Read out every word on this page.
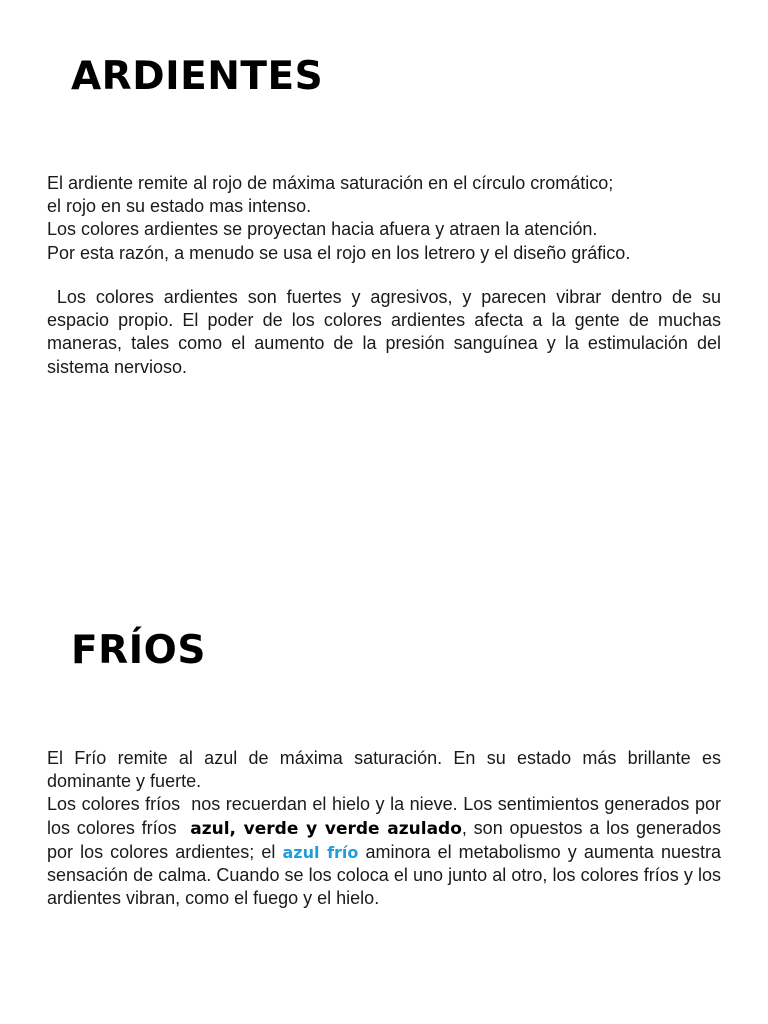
ARDIENTES

El ardiente remite al rojo de máxima saturación en el círculo cromático;

el rojo en su estado mas intenso.

Los colores ardientes se proyectan hacia afuera y atraen la atención.

Por esta razón, a menudo se usa el rojo en los letrero y el diseño gráfico.

Los colores ardientes son fuertes y agresivos, y parecen vibrar dentro de su espacio propio. El poder de los colores ardientes afecta a la gente de muchas maneras, tales como el aumento de la presión sanguínea y la estimulación del sistema nervioso.

FRÍOS

El Frío remite al azul de máxima saturación. En su estado más brillante es dominante y fuerte.

Los colores fríos  nos recuerdan el hielo y la nieve. Los sentimientos generados por los colores fríos  azul, verde y verde azulado, son opuestos a los generados por los colores ardientes; el azul frío aminora el metabolismo y aumenta nuestra sensación de calma. Cuando se los coloca el uno junto al otro, los colores fríos y los ardientes vibran, como el fuego y el hielo.
